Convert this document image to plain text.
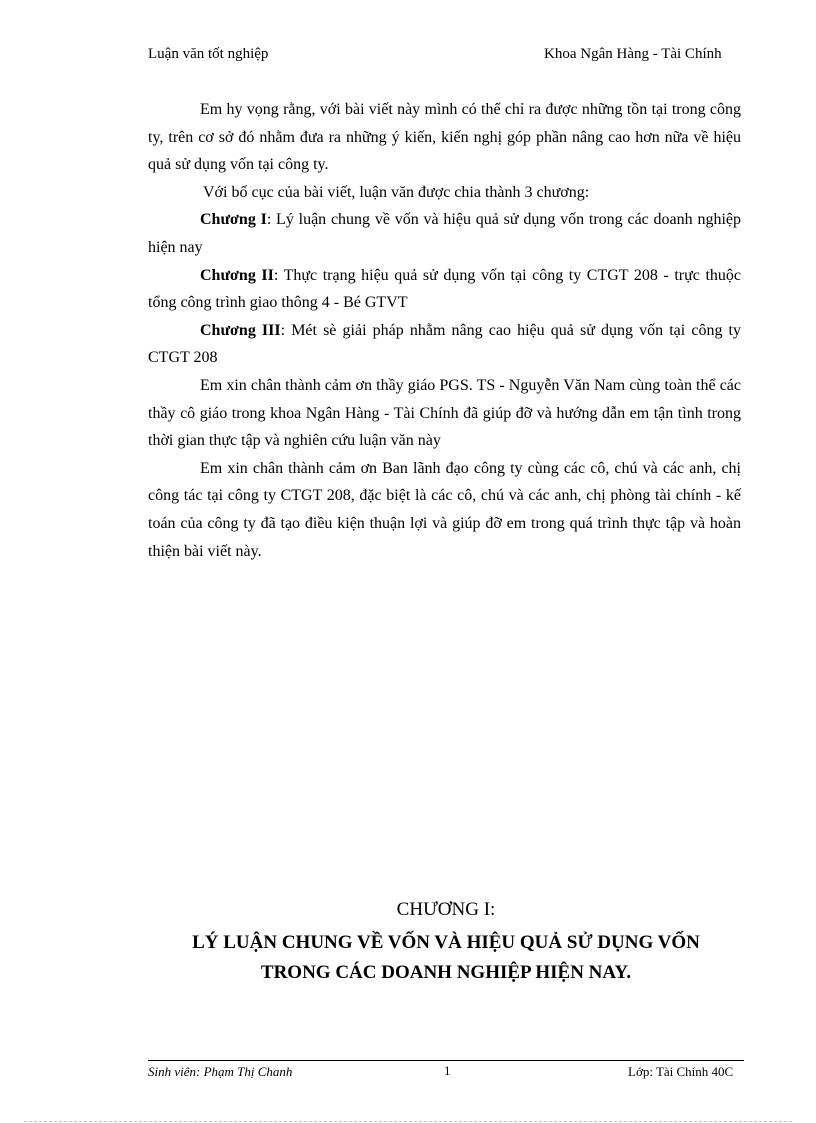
Luận văn tốt nghiệp	Khoa Ngân Hàng - Tài Chính

Em hy vọng rằng, với bài viết này mình có thể chỉ ra được những tồn tại trong công ty, trên cơ sở đó nhằm đưa ra những ý kiến, kiến nghị góp phần nâng cao hơn nữa về hiệu quả sử dụng vốn tại công ty.

Với bố cục của bài viết, luận văn được chia thành 3 chương:

Chương I: Lý luận chung về vốn và hiệu quả sử dụng vốn trong các doanh nghiệp hiện nay

Chương II: Thực trạng hiệu quả sử dụng vốn tại công ty CTGT 208 - trực thuộc tổng công trình giao thông 4 - Bé GTVT

Chương III: Mét sè giải pháp nhằm nâng cao hiệu quả sử dụng vốn tại công ty CTGT 208

Em xin chân thành cảm ơn thầy giáo PGS. TS - Nguyễn Văn Nam cùng toàn thể các thầy cô giáo trong khoa Ngân Hàng - Tài Chính đã giúp đỡ và hướng dẫn em tận tình trong thời gian thực tập và nghiên cứu luận văn này

Em xin chân thành cảm ơn Ban lãnh đạo công ty cùng các cô, chú và các anh, chị công tác tại công ty CTGT 208, đặc biệt là các cô, chú và các anh, chị phòng tài chính - kế toán của công ty đã tạo điều kiện thuận lợi và giúp đỡ em trong quá trình thực tập và hoàn thiện bài viết này.

CHƯƠNG I:
LÝ LUẬN CHUNG VỀ VỐN VÀ HIỆU QUẢ SỬ DỤNG VỐN
TRONG CÁC DOANH NGHIỆP HIỆN NAY.
Sinh viên: Phạm Thị Chanh	1	Lớp: Tài Chính 40C
